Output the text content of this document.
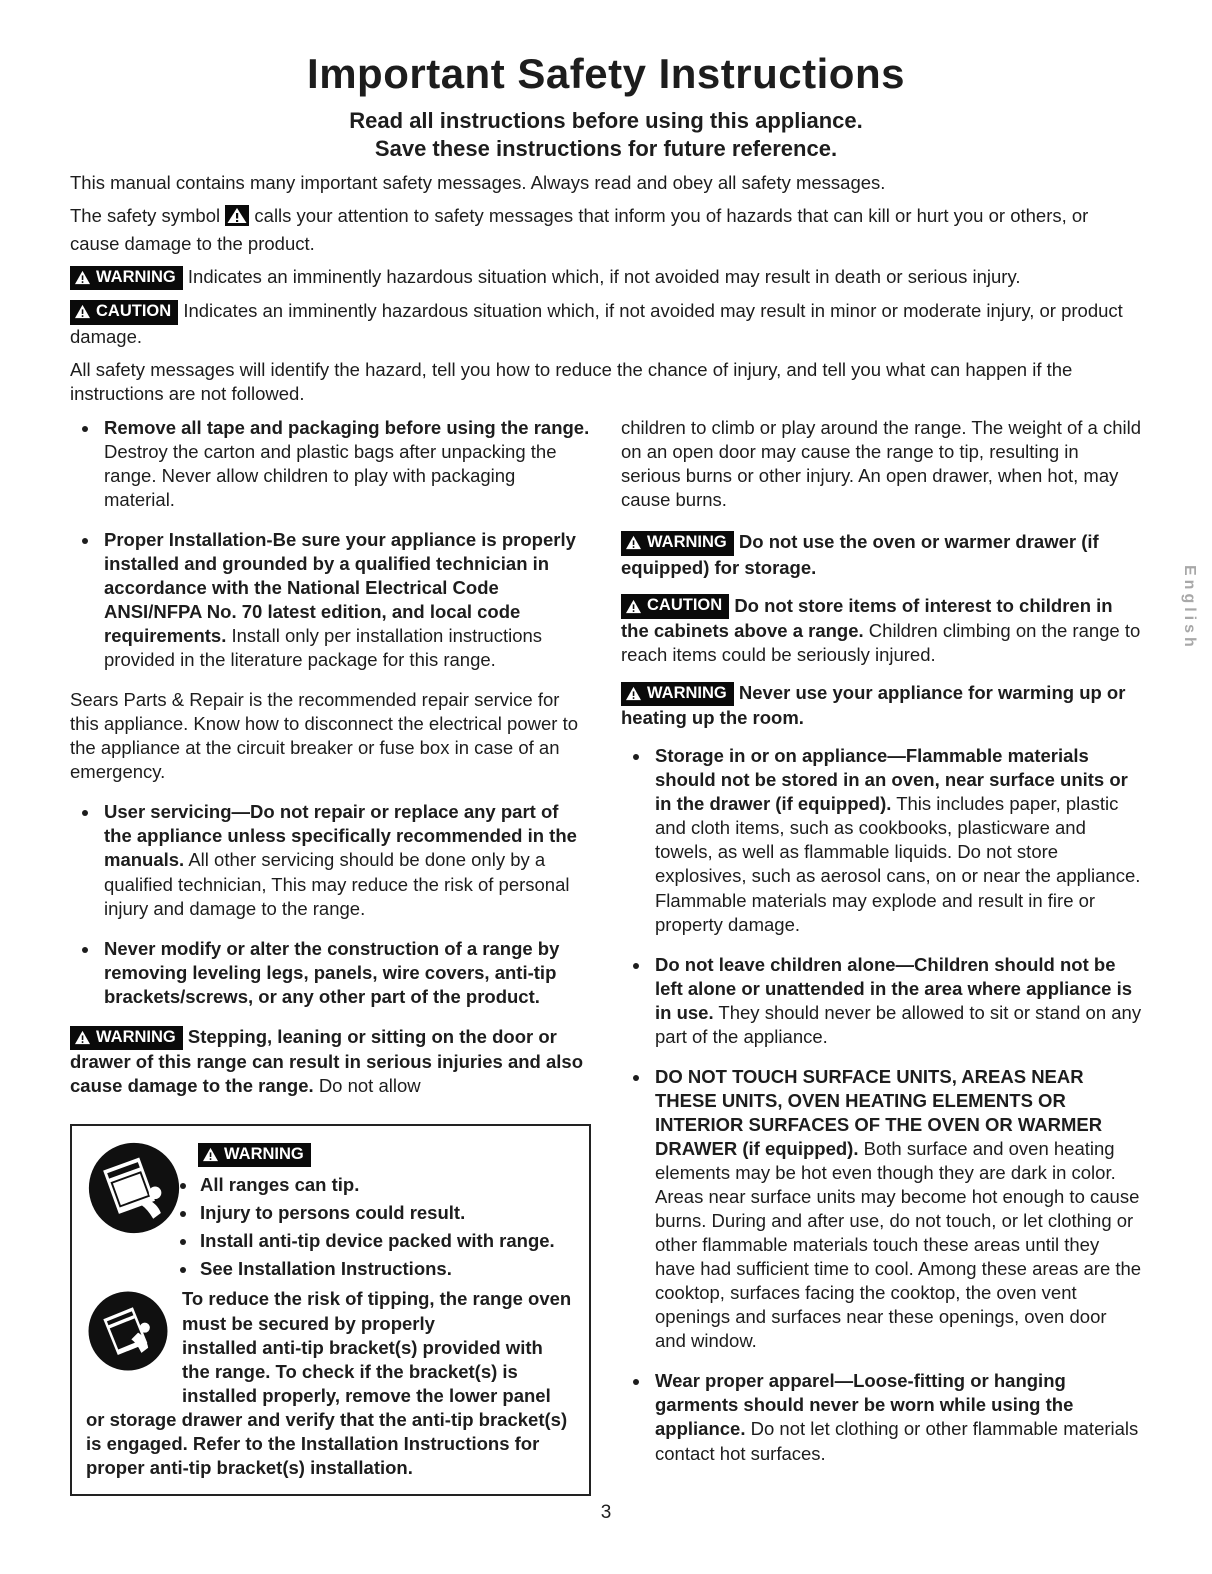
Important Safety Instructions
Read all instructions before using this appliance.
Save these instructions for future reference.

This manual contains many important safety messages. Always read and obey all safety messages.

The safety symbol calls your attention to safety messages that inform you of hazards that can kill or hurt you or others, or cause damage to the product.

WARNING Indicates an imminently hazardous situation which, if not avoided may result in death or serious injury.

CAUTION Indicates an imminently hazardous situation which, if not avoided may result in minor or moderate injury, or product damage.

All safety messages will identify the hazard, tell you how to reduce the chance of injury, and tell you what can happen if the instructions are not followed.

• Remove all tape and packaging before using the range. Destroy the carton and plastic bags after unpacking the range. Never allow children to play with packaging material.
• Proper Installation-Be sure your appliance is properly installed and grounded by a qualified technician in accordance with the National Electrical Code ANSI/NFPA No. 70 latest edition, and local code requirements. Install only per installation instructions provided in the literature package for this range.

Sears Parts & Repair is the recommended repair service for this appliance. Know how to disconnect the electrical power to the appliance at the circuit breaker or fuse box in case of an emergency.

• User servicing—Do not repair or replace any part of the appliance unless specifically recommended in the manuals. All other servicing should be done only by a qualified technician, This may reduce the risk of personal injury and damage to the range.
• Never modify or alter the construction of a range by removing leveling legs, panels, wire covers, anti-tip brackets/screws, or any other part of the product.

WARNING Stepping, leaning or sitting on the door or drawer of this range can result in serious injuries and also cause damage to the range. Do not allow

WARNING
• All ranges can tip.
• Injury to persons could result.
• Install anti-tip device packed with range.
• See Installation Instructions.

To reduce the risk of tipping, the range oven must be secured by properly

installed anti-tip bracket(s) provided with the range. To check if the bracket(s) is installed properly, remove the lower panel or storage drawer and verify that the anti-tip bracket(s) is engaged. Refer to the Installation Instructions for proper anti-tip bracket(s) installation.

children to climb or play around the range. The weight of a child on an open door may cause the range to tip, resulting in serious burns or other injury. An open drawer, when hot, may cause burns.

WARNING Do not use the oven or warmer drawer (if equipped) for storage.

CAUTION Do not store items of interest to children in the cabinets above a range. Children climbing on the range to reach items could be seriously injured.

WARNING Never use your appliance for warming up or heating up the room.

• Storage in or on appliance—Flammable materials should not be stored in an oven, near surface units or in the drawer (if equipped). This includes paper, plastic and cloth items, such as cookbooks, plasticware and towels, as well as flammable liquids. Do not store explosives, such as aerosol cans, on or near the appliance. Flammable materials may explode and result in fire or property damage.
• Do not leave children alone—Children should not be left alone or unattended in the area where appliance is in use. They should never be allowed to sit or stand on any part of the appliance.
• DO NOT TOUCH SURFACE UNITS, AREAS NEAR THESE UNITS, OVEN HEATING ELEMENTS OR INTERIOR SURFACES OF THE OVEN OR WARMER DRAWER (if equipped). Both surface and oven heating elements may be hot even though they are dark in color. Areas near surface units may become hot enough to cause burns. During and after use, do not touch, or let clothing or other flammable materials touch these areas until they have had sufficient time to cool. Among these areas are the cooktop, surfaces facing the cooktop, the oven vent openings and surfaces near these openings, oven door and window.
• Wear proper apparel—Loose-fitting or hanging garments should never be worn while using the appliance. Do not let clothing or other flammable materials contact hot surfaces.
3
English
